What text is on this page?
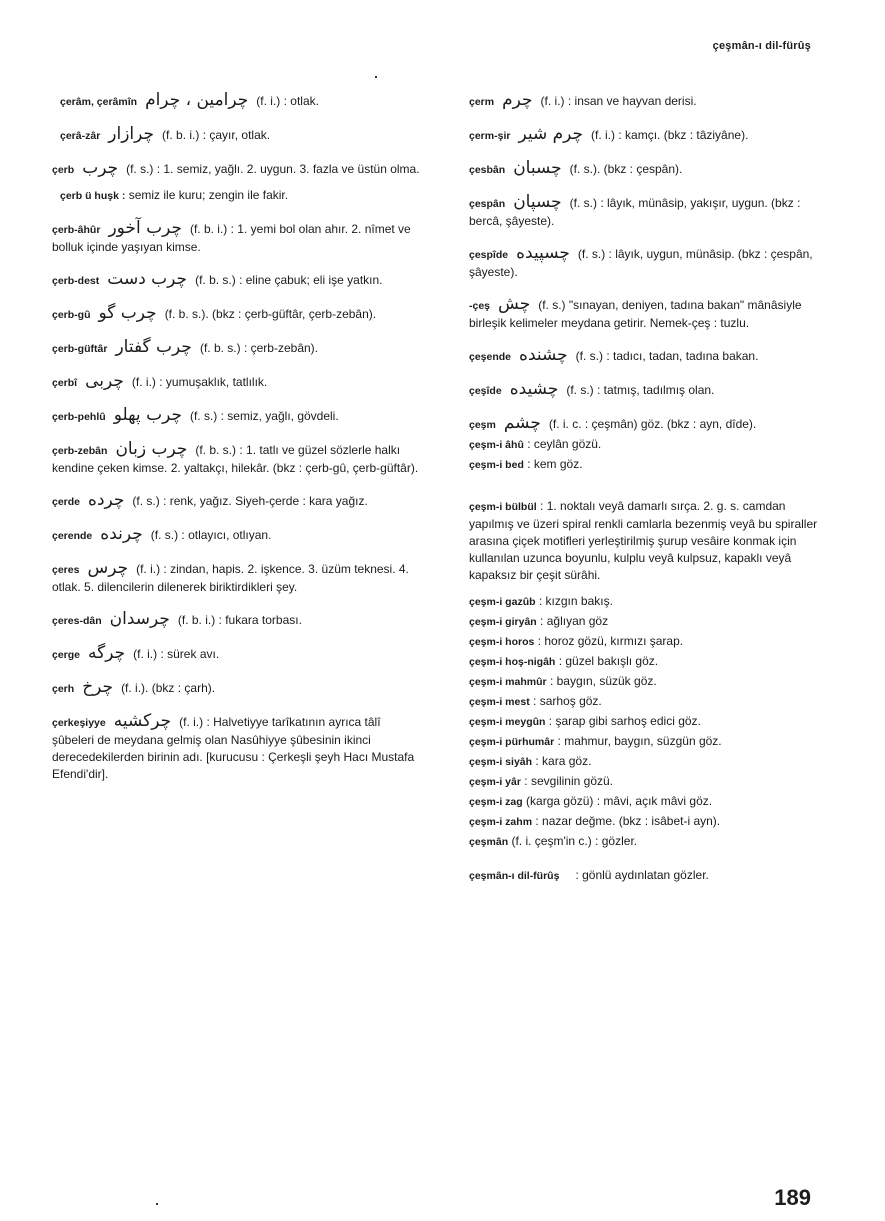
çeşmân-ı dil-fürûş

çerâm, çerâmîn چرامین ، چرام (f. i.) : otlak.

çerâ-zâr چرازار (f. b. i.) : çayır, otlak.

çerb چرب (f. s.) : 1. semiz, yağlı. 2. uygun. 3. fazla ve üstün olma.

çerb ü huşk : semiz ile kuru; zengin ile fakir.

çerb-âhûr چرب آخور (f. b. i.) : 1. yemi bol olan ahır. 2. nîmet ve bolluk içinde yaşıyan kimse.

çerb-dest چرب دست (f. b. s.) : eline çabuk; eli işe yatkın.

çerb-gû چرب گو (f. b. s.). (bkz : çerb-güftâr, çerb-zebân).

çerb-güftâr چرب گفتار (f. b. s.) : çerb-zebân).

çerbî چربی (f. i.) : yumuşaklık, tatlılık.

çerb-pehlû چرب پهلو (f. s.) : semiz, yağlı, gövdeli.

çerb-zebân چرب زبان (f. b. s.) : 1. tatlı ve güzel sözlerle halkı kendine çeken kimse. 2. yaltakçı, hilekâr. (bkz : çerb-gû, çerb-güftâr).

çerde چرده (f. s.) : renk, yağız. Siyeh-çerde : kara yağız.

çerende چرنده (f. s.) : otlayıcı, otlıyan.

çeres چرس (f. i.) : zindan, hapis. 2. işkence. 3. üzüm teknesi. 4. otlak. 5. dilencilerin dilenerek biriktirdikleri şey.

çeres-dân چرسدان (f. b. i.) : fukara torbası.

çerge چرگه (f. i.) : sürek avı.

çerh چرخ (f. i.). (bkz : çarh).

çerkeşiyye چرکشیه (f. i.) : Halvetiyye tarîkatının ayrıca tâlî şûbeleri de meydana gelmiş olan Nasûhiyye şûbesinin ikinci derecedekilerden birinin adı. [kurucusu : Çerkeşli şeyh Hacı Mustafa Efendi'dir].

çerm چرم (f. i.) : insan ve hayvan derisi.

çerm-şir چرم شیر (f. i.) : kamçı. (bkz : tâziyâne).

çesbân چسبان (f. s.). (bkz : çespân).

çespân چسپان (f. s.) : lâyık, münâsip, yakışır, uygun. (bkz : bercâ, şâyeste).

çespîde چسپیده (f. s.) : lâyık, uygun, münâsip. (bkz : çespân, şâyeste).

-çeş چش (f. s.) "sınayan, deniyen, tadına bakan" mânâsiyle birleşik kelimeler meydana getirir. Nemek-çeş : tuzlu.

çeşende چشنده (f. s.) : tadıcı, tadan, tadına bakan.

çeşîde چشیده (f. s.) : tatmış, tadılmış olan.

çeşm چشم (f. i. c. : çeşmân) göz. (bkz : ayn, dîde).

çeşm-i âhû : ceylân gözü.

çeşm-i bed : kem göz.

çeşm-i bülbül : 1. noktalı veyâ damarlı sırça. 2. g. s. camdan yapılmış ve üzeri spiral renkli camlarla bezenmiş veyâ bu spiraller arasına çiçek motifleri yerleştirilmiş şurup vesâire konmak için kullanılan uzunca boyunlu, kulplu veyâ kulpsuz, kapaklı veyâ kapaksız bir çeşit sürâhi.

çeşm-i gazûb : kızgın bakış.

çeşm-i giryân : ağlıyan göz

çeşm-i horos : horoz gözü, kırmızı şarap.

çeşm-i hoş-nigâh : güzel bakışlı göz.

çeşm-i mahmûr : baygın, süzük göz.

çeşm-i mest : sarhoş göz.

çeşm-i meygûn : şarap gibi sarhoş edici göz.

çeşm-i pürhumâr : mahmur, baygın, süzgün göz.

çeşm-i siyâh : kara göz.

çeşm-i yâr : sevgilinin gözü.

çeşm-i zag (karga gözü) : mâvi, açık mâvi göz.

çeşm-i zahm : nazar değme. (bkz : isâbet-i ayn).

çeşmân (f. i. çeşm'in c.) : gözler.

çeşmân-ı dil-fürûş : gönlü aydınlatan gözler.

189
